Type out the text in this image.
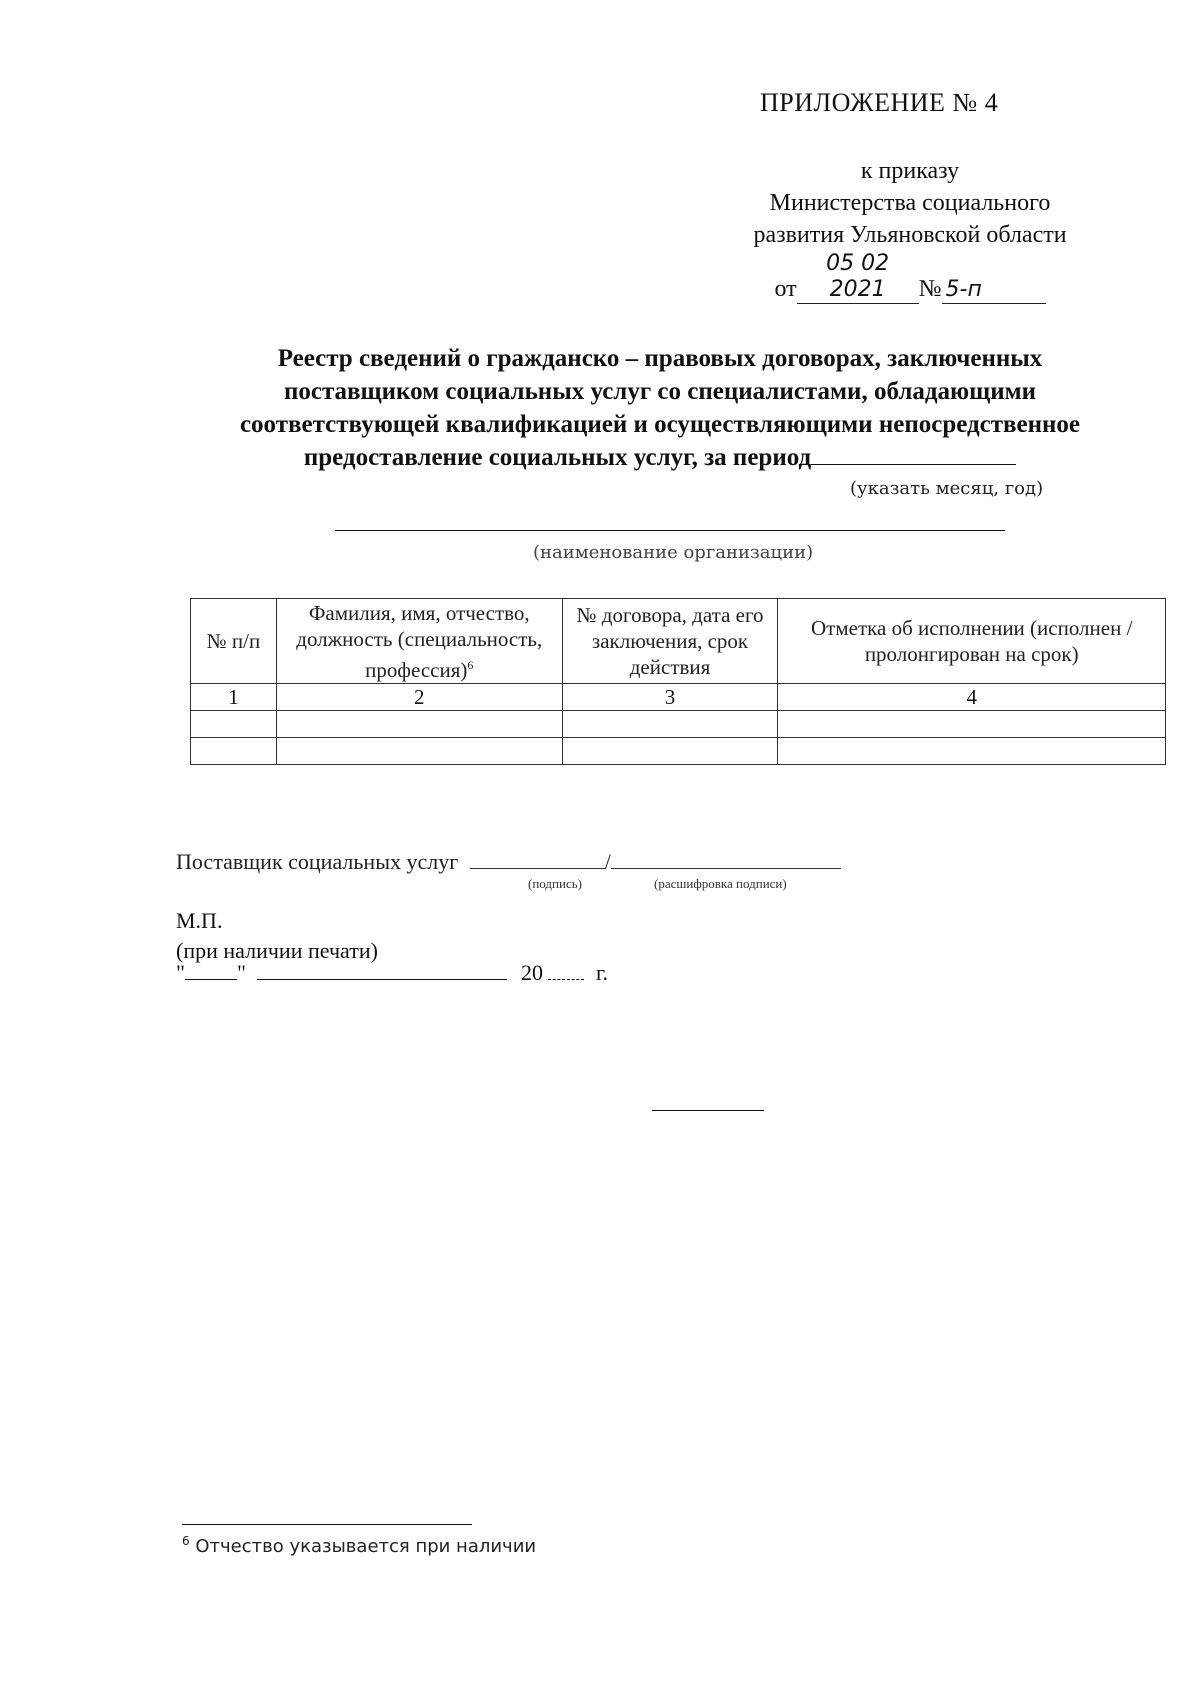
ПРИЛОЖЕНИЕ № 4
к приказу
Министерства социального
развития Ульяновской области
от05 02 2021 № 5-п
Реестр сведений о гражданско – правовых договорах, заключенных
поставщиком социальных услуг со специалистами, обладающими
соответствующей квалификацией и осуществляющими непосредственное
предоставление социальных услуг, за период
(указать месяц, год)
(наименование организации)
№ п/п	Фамилия, имя, отчество, должность (специальность, профессия)$^6$	№ договора, дата его заключения, срок действия	Отметка об исполнении (исполнен /пролонгирован на срок)
1	2	3	4

Поставщик социальных услуг	/
(подпись)	(расшифровка подписи)
М.П.
(при наличии печати)
" "	20 г.
$^6$ Отчество указывается при наличии
